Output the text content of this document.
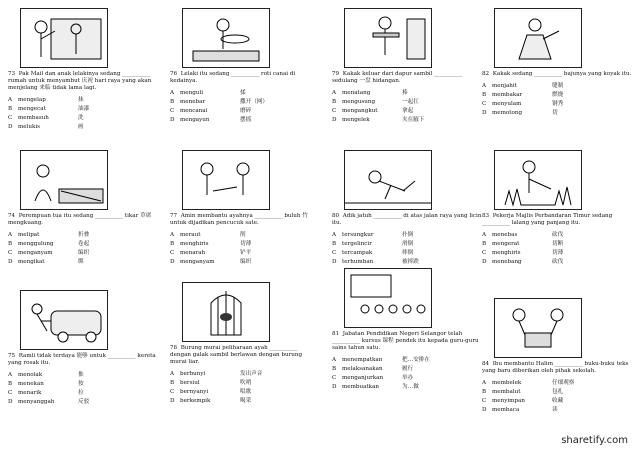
73 Pak Mail dan anak lelakinya sedang __________ rumah untuk menyambut 庆祝 hari raya yang akan menjelang 来临 tidak lama lagi.
A	mengelap	抹
B	mengecat	油漆
C	membasuh	洗
D melukis	画
74 Perempuan tua itu sedang __________ tikar 草席 mengkuang.
A	melipat	折叠
B	menggulung	卷起
C	menganyam	编织
D mengikat	绑
75 Ramli tidak terdaya 能够 untuk __________ kereta yang rosak itu.
A	menolak	推
B	menekan	按
C	menarik	拉
D menyanggah	反驳
76 Lelaki itu sedang __________ roti canai di kedainya.
A	menguli	揉
B	menebar	撒开（网）
C	mencanai	磨碎
D mengayun	摆摇
77 Amin membantu ayahnya __________ buluh 竹 untuk dijadikan pencucuk sate.
A	meraut	削
B	menghiris	切薄
C	menarah	铲平
D menganyam	编织
78 Burung murai peliharaan ayah __________ dengan galak sambil berlawan dengan burung murai liar.
A	berbunyi	发出声音
B	bersiul	吹哨
C	bernyanyi	唱歌
D berkempik	喝采
79 Kakak keluar dari dapur sambil __________ sedulang 一盘 hidangan.
A	menatang	捧
B	mengusung	一起扛
C	mengangkut	拿起
D mengelek	夹在腋下
80 Adik jatuh __________ di atas jalan raya yang licin itu.
A	tersungkur	扑倒
B	tergelincir	滑倒
C	tercampak	摔倒
D terhumban	被摔跌
81 Jabatan Pendidikan Negeri Selangor telah __________ kursus 课程 pendek itu kepada guru-guru sains tahun satu.
A	menempatkan	把…安排在
B	melaksanakan	履行
C	menganjurkan	举办
D membuatkan	为…做
82 Kakak sedang __________ bajunya yang koyak itu.
A	menjahit	缝制
B	membakar	燃烧
C	menyulam	钢秀
D memotong	切
83 Pekerja Majlis Perbandaran Timur sedang __________ lalang yang panjang itu.
A	menebas	砍伐
B	mengerat	切断
C	menghiris	切薄
D menebang	砍伐
84 Ibu membantu Halim __________ buku-buku teks yang baru diberikan oleh pihak sekolah.
A	membelek	仔细观察
B	membalut	包扎
C	menyimpan	收藏
D membaca	读
sharetify.com
